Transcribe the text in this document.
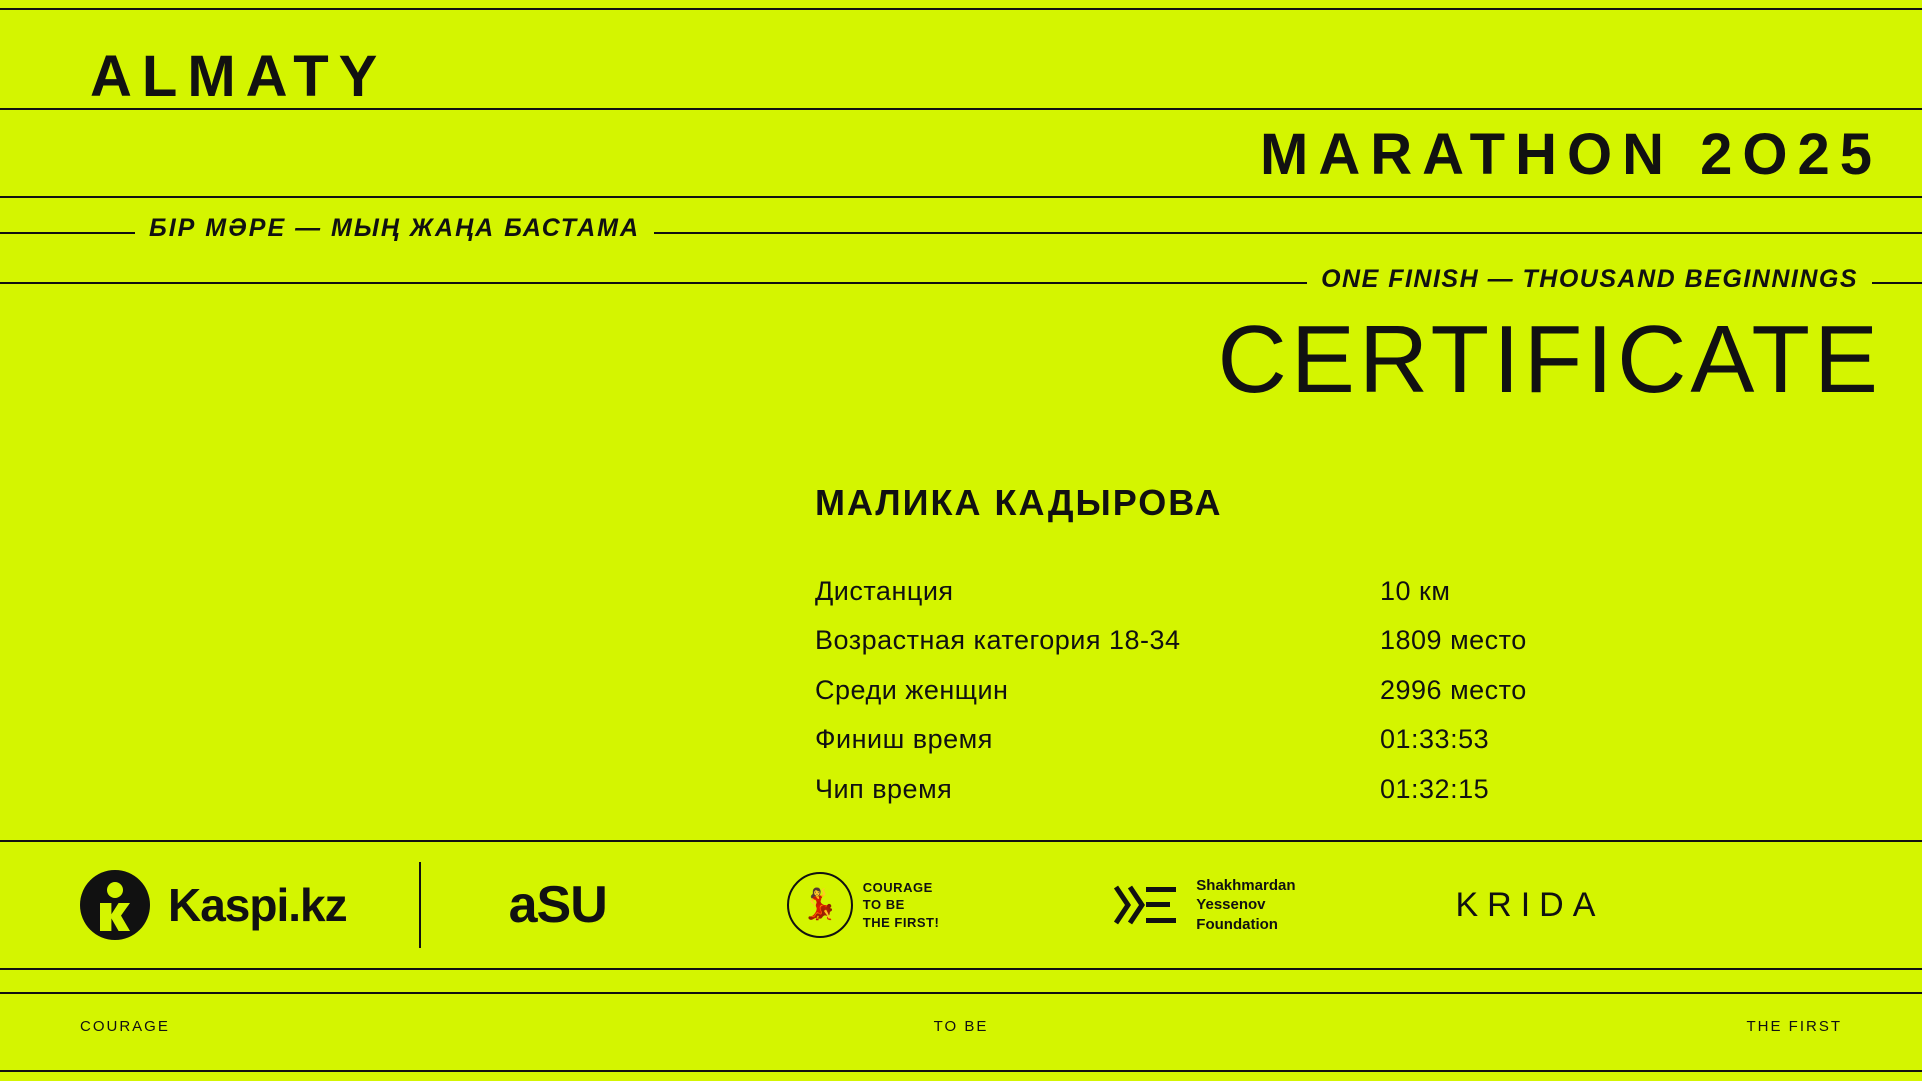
ALMATY
MARATHON 2O25
БІР МӘРЕ — МЫҢ ЖАҢА БАСТАМА
ONE FINISH — THOUSAND BEGINNINGS
CERTIFICATE
МАЛИКА КАДЫРОВА
Дистанция	10 км
Возрастная категория 18-34	1809 место
Среди женщин	2996 место
Финиш время	01:33:53
Чип время	01:32:15
Kaspi.kz	aSU	💃
COURAGE
TO BE
THE FIRST!
Shakhmardan
Yessenov
Foundation
KRIDA
COURAGE	TO BE	THE FIRST
